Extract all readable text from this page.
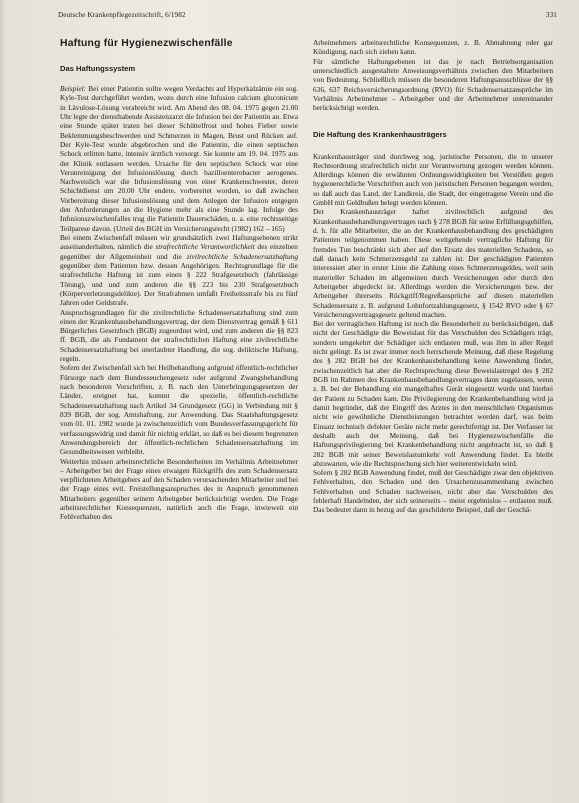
Deutsche Krankenpflegezeitschrift, 6/1982	331
Haftung für Hygienezwischenfälle
Das Haftungssystem

Beispiel: Bei einer Patientin sollte wegen Verdachts auf Hyperkalzämie ein sog. Kyle-Test durchgeführt werden, wozu durch eine Infusion calcium gluconicum in Lävulose-Lösung verabreicht wird. Am Abend des 08. 04. 1975 gegen 21.00 Uhr legte der diensthabende Assistenzarzt die Infusion bei der Patientin an. Etwa eine Stunde später traten bei dieser Schüttelfrost und hohes Fieber sowie Beklemmungsbeschwerden und Schmerzen in Magen, Brust und Rücken auf. Der Kyle-Test wurde abgebrochen und die Patientin, die einen septischen Schock erlitten hatte, intensiv ärztlich versorgt. Sie konnte am 19. 04. 1975 aus der Klinik entlassen werden. Ursache für den septischen Schock war eine Verunreinigung der Infusionslösung durch bazilloenterobacter aerogenes. Nachweislich war die Infusionslösung von einer Krankenschwester, deren Schichtdienst um 20.00 Uhr endete, vorbereitet worden, so daß zwischen Vorbereitung dieser Infusionslösung und dem Anlegen der Infusion entgegen den Anforderungen an die Hygiene mehr als eine Stunde lag. Infolge des Infusionszwischenfalles trug die Patientin Dauerschäden, u. a. eine rechtsseitige Teilparese davon. (Urteil des BGH im Versicherungsrecht (1982) 162 – 165)

Bei einem Zwischenfall müssen wir grundsätzlich zwei Haftungsebenen strikt auseinanderhalten, nämlich die strafrechtliche Verantwortlichkeit des einzelnen gegenüber der Allgemeinheit und die zivilrechtliche Schadenersatzhaftung gegenüber dem Patienten bzw. dessen Angehörigen. Rechtsgrundlage für die strafrechtliche Haftung ist zum einen § 222 Strafgesetzbuch (fahrlässige Tötung), und und zum anderen die §§ 223 bis 230 Strafgesetzbuch (Körperverletzungsdelikte). Der Strafrahmen umfaßt Freiheitsstrafe bis zu fünf Jahren oder Geldstrafe.

Anspruchsgrundlagen für die zivilrechtliche Schadensersatzhaftung sind zum einen der Krankenhausbehandlungsvertrag, der dem Dienstvertrag gemäß § 611 Bürgerliches Gesetzbuch (BGB) zugeordnet wird, und zum anderen die §§ 823 ff. BGB, die als Fundament der strafrechtlichen Haftung eine zivilrechtliche Schadensersatzhaftung bei unerlaubter Handlung, die sog. deliktische Haftung, regeln.

Sofern der Zwischenfall sich bei Heilbehandlung aufgrund öffentlich-rechtlicher Fürsorge nach dem Bundesseuchengesetz oder aufgrund Zwangsbehandlung nach besonderen Vorschriften, z. B. nach den Unterbringungsgesetzen der Länder, ereignet hat, kommt die spezielle, öffentlich-rechtliche Schadensersatzhaftung nach Artikel 34 Grundgesetz (GG) in Verbindung mit § 839 BGB, der sog. Amtshaftung, zur Anwendung. Das Staatshaftungsgesetz vom 01. 01. 1982 wurde ja zwischenzeitlich vom Bundesverfassungsgericht für verfassungswidrig und damit für nichtig erklärt, so daß es bei diesem begrenzten Anwendungsbereich der öffentlich-rechtlichen Schadensersatzhaftung im Gesundheitswesen verbleibt.

Weiterhin müssen arbeitsrechtliche Besonderheiten im Verhältnis Arbeitnehmer – Arbeitgeber bei der Frage eines etwaigen Rückgriffs des zum Schadensersatz verpflichteten Arbeitgebers auf den Schaden verursachenden Mitarbeiter und bei der Frage eines evtl. Freistellungsanspruches des in Anspruch genommenen Mitarbeiters gegenüber seinem Arbeitgeber berücksichtigt werden. Die Frage arbeitsrechtlicher Konsequenzen, natürlich auch die Frage, inwieweit ein Fehlverhalten des

Arbeitnehmers arbeitsrechtliche Konsequenzen, z. B. Abmahnung oder gar Kündigung, nach sich ziehen kann.

Für sämtliche Haftungsebenen ist das je nach Betriebsorganisation unterschiedlich ausgestaltete Anweisungsverhältnis zwischen den Mitarbeitern von Bedeutung. Schließlich müssen die besonderen Haftungsausschlüsse der §§ 636, 637 Reichsversicherungsordnung (RVO) für Schadensersatzansprüche im Verhältnis Arbeitnehmer – Arbeitgeber und der Arbeitnehmer untereinander berücksichtigt werden.

Die Haftung des Krankenhausträgers

Krankenhausträger sind durchweg sog. juristische Personen, die in unserer Rechtsordnung strafrechtlich nicht zur Verantwortung gezogen werden können. Allerdings können die erwähnten Ordnungswidrigkeiten bei Verstößen gegen hygienerechtliche Vorschriften auch von juristischen Personen begangen werden, so daß auch das Land, der Landkreis, die Stadt, der eingetragene Verein und die GmbH mit Geldbußen belegt werden können.

Der Krankenhausträger haftet zivilrechtlich aufgrund des Krankenhausbehandlungsvertrages nach § 278 BGB für seine Erfüllungsgehilfen, d. h. für alle Mitarbeiter, die an der Krankenhausbehandlung des geschädigten Patienten teilgenommen haben. Diese weitgehende vertragliche Haftung für fremdes Tun beschränkt sich aber auf den Ersatz des materiellen Schadens, so daß danach kein Schmerzensgeld zu zahlen ist. Der geschädigten Patienten interessiert aber in erster Linie die Zahlung eines Schmerzensgeldes, weil sein materieller Schaden im allgemeinen durch Versicherungen oder durch den Arbeitgeber abgedeckt ist. Allerdings werden die Versicherungen bzw. der Arbeitgeber ihrerseits Rückgriff/Regreßansprüche auf diesen materiellen Schadensersatz z. B. aufgrund Lohnfortzahlungsgesetz, § 1542 RVO oder § 67 Versicherungsvertragsgesetz geltend machen.

Bei der vertraglichen Haftung ist noch die Besonderheit zu berücksichtigen, daß nicht der Geschädigte die Beweislast für das Verschulden des Schädigers trägt, sondern umgekehrt der Schädiger sich entlasten muß, was ihm in aller Regel nicht gelingt. Es ist zwar immer noch herrschende Meinung, daß diese Regelung des § 282 BGB bei der Krankenhausbehandlung keine Anwendung findet, zwischenzeitlich hat aber die Rechtsprechung diese Beweislastregel des § 282 BGB im Rahmen des Krankenhausbehandlungsvertrages dann zugelassen, wenn z. B. bei der Behandlung ein mangelhaftes Gerät eingesetzt wurde und hierbei der Patient zu Schaden kam. Die Privilegierung der Krankenbehandlung wird ja damit begründet, daß der Eingriff des Arztes in den menschlichen Organismus nicht wie gewöhnliche Dienstleistungen betrachtet werden darf, was beim Einsatz technisch defekter Geräte nicht mehr gerechtfertigt ist. Der Verfasser ist deshalb auch der Meinung, daß bei Hygienezwischenfälle die Haftungsprivilegierung bei Krankenbehandlung nicht angebracht ist, so daß § 282 BGB mit seiner Beweislastumkehr voll Anwendung findet. Es bleibt abzuwarten, wie die Rechtsprechung sich hier weiterentwickeln wird.

Sofern § 282 BGB Anwendung findet, muß der Geschädigte zwar den objektiven Fehlverhalten, den Schaden und den Ursachenzusammenhang zwischen Fehlverhalten und Schaden nachweisen, nicht aber das Verschulden des fehlerhaft Handelnden, der sich seinerseits – meist ergebnislos – entlasten muß. Das bedeutet dann in bezug auf das geschilderte Beispiel, daß der Geschä-
